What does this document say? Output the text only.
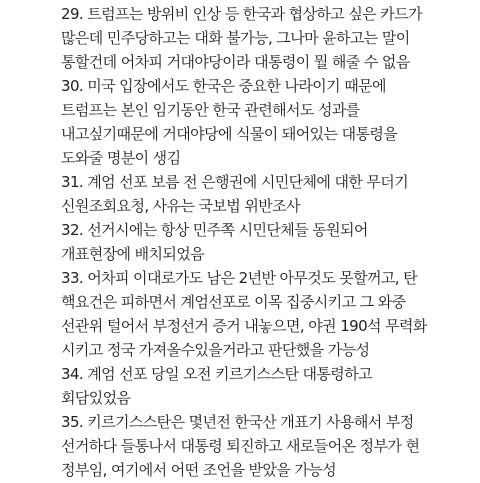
29. 트럼프는 방위비 인상 등 한국과 협상하고 싶은 카드가
많은데 민주당하고는 대화 불가능, 그나마 윤하고는 말이
통할건데 어차피 거대야당이라 대통령이 뭘 해줄 수 없음
30. 미국 입장에서도 한국은 중요한 나라이기 때문에
트럼프는 본인 임기동안 한국 관련해서도 성과를
내고싶기때문에 거대야당에 식물이 돼어있는 대통령을
도와줄 명분이 생김
31. 계엄 선포 보름 전 은행권에 시민단체에 대한 무더기
신원조회요청, 사유는 국보법 위반조사
32. 선거시에는 항상 민주쪽 시민단체들 동원되어
개표현장에 배치되었음
33. 어차피 이대로가도 남은 2년반 아무것도 못할꺼고, 탄
핵요건은 피하면서 계엄선포로 이목 집중시키고 그 와중
선관위 털어서 부정선거 증거 내놓으면, 야권 190석 무력화
시키고 정국 가져올수있을거라고 판단했을 가능성
34. 계엄 선포 당일 오전 키르기스스탄 대통령하고
회담있었음
35. 키르기스스탄은 몇년전 한국산 개표기 사용해서 부정
선거하다 들통나서 대통령 퇴진하고 새로들어온 정부가 현
정부임, 여기에서 어떤 조언을 받았을 가능성
